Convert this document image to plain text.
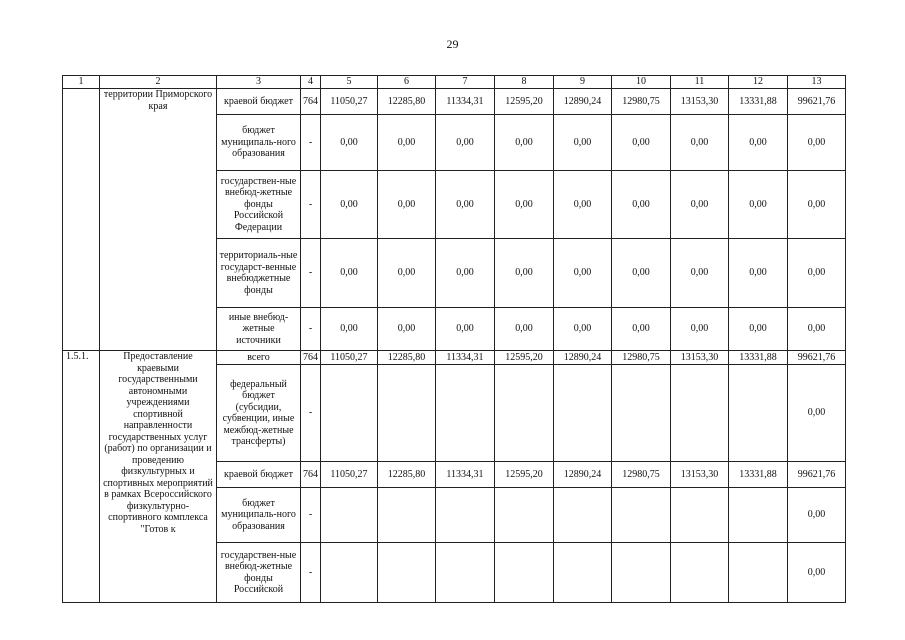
29
1	2	3	4	5	6	7	8	9	10	11	12	13
	территории Приморского края	краевой бюджет	764	11050,27	12285,80	11334,31	12595,20	12890,24	12980,75	13153,30	13331,88	99621,76
		бюджет муниципаль-ного образования	-	0,00	0,00	0,00	0,00	0,00	0,00	0,00	0,00	0,00
		государствен-ные внебюд-жетные фонды Российской Федерации	-	0,00	0,00	0,00	0,00	0,00	0,00	0,00	0,00	0,00
		территориаль-ные государст-венные внебюджетные фонды	-	0,00	0,00	0,00	0,00	0,00	0,00	0,00	0,00	0,00
		иные внебюд-жетные источники	-	0,00	0,00	0,00	0,00	0,00	0,00	0,00	0,00	0,00
1.5.1.	Предоставление краевыми государственными автономными учреждениями спортивной направленности государственных услуг (работ) по организации и проведению физкультурных и спортивных мероприятий в рамках Всероссийского физкультурно-спортивного комплекса "Готов к	всего	764	11050,27	12285,80	11334,31	12595,20	12890,24	12980,75	13153,30	13331,88	99621,76
		федеральный бюджет (субсидии, субвенции, иные межбюд-жетные трансферты)	-									0,00
		краевой бюджет	764	11050,27	12285,80	11334,31	12595,20	12890,24	12980,75	13153,30	13331,88	99621,76
		бюджет муниципаль-ного образования	-									0,00
		государствен-ные внебюд-жетные фонды Российской	-									0,00
